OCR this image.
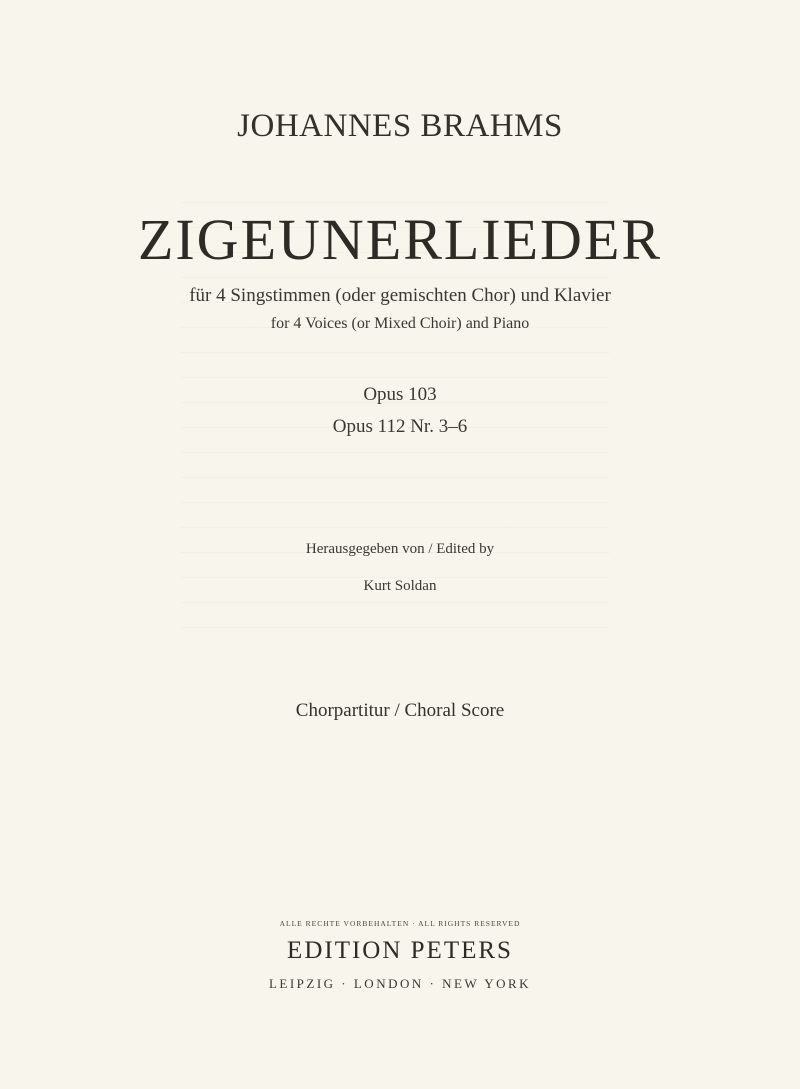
JOHANNES BRAHMS
ZIGEUNERLIEDER
für 4 Singstimmen (oder gemischten Chor) und Klavier
for 4 Voices (or Mixed Choir) and Piano
Opus 103
Opus 112 Nr. 3–6
Herausgegeben von / Edited by
Kurt Soldan
Chorpartitur / Choral Score
ALLE RECHTE VORBEHALTEN · ALL RIGHTS RESERVED
EDITION PETERS
LEIPZIG · LONDON · NEW YORK
